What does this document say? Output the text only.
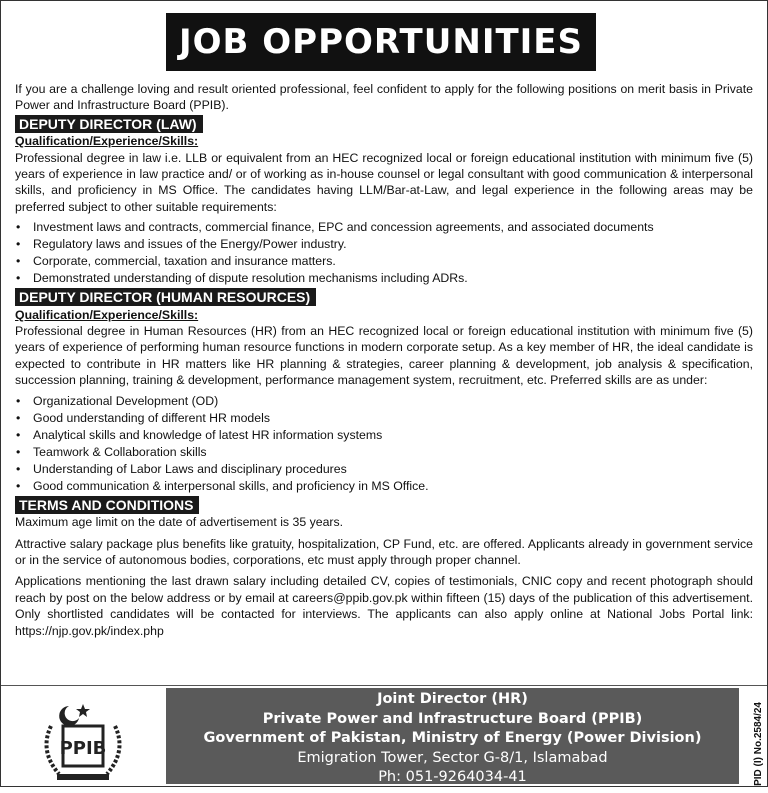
JOB OPPORTUNITIES

If you are a challenge loving and result oriented professional, feel confident to apply for the following positions on merit basis in Private Power and Infrastructure Board (PPIB).

DEPUTY DIRECTOR (LAW)
Qualification/Experience/Skills:

Professional degree in law i.e. LLB or equivalent from an HEC recognized local or foreign educational institution with minimum five (5) years of experience in law practice and/ or of working as in-house counsel or legal consultant with good communication & interpersonal skills, and proficiency in MS Office. The candidates having LLM/Bar-at-Law, and legal experience in the following areas may be preferred subject to other suitable requirements:

• Investment laws and contracts, commercial finance, EPC and concession agreements, and associated documents
• Regulatory laws and issues of the Energy/Power industry.
• Corporate, commercial, taxation and insurance matters.
• Demonstrated understanding of dispute resolution mechanisms including ADRs.
DEPUTY DIRECTOR (HUMAN RESOURCES)
Qualification/Experience/Skills:

Professional degree in Human Resources (HR) from an HEC recognized local or foreign educational institution with minimum five (5) years of experience of performing human resource functions in modern corporate setup. As a key member of HR, the ideal candidate is expected to contribute in HR matters like HR planning & strategies, career planning & development, job analysis & specification, succession planning, training & development, performance management system, recruitment, etc. Preferred skills are as under:

• Organizational Development (OD)
• Good understanding of different HR models
• Analytical skills and knowledge of latest HR information systems
• Teamwork & Collaboration skills
• Understanding of Labor Laws and disciplinary procedures
• Good communication & interpersonal skills, and proficiency in MS Office.
TERMS AND CONDITIONS

Maximum age limit on the date of advertisement is 35 years.

Attractive salary package plus benefits like gratuity, hospitalization, CP Fund, etc. are offered. Applicants already in government service or in the service of autonomous bodies, corporations, etc must apply through proper channel.

Applications mentioning the last drawn salary including detailed CV, copies of testimonials, CNIC copy and recent photograph should reach by post on the below address or by email at careers@ppib.gov.pk within fifteen (15) days of the publication of this advertisement. Only shortlisted candidates will be contacted for interviews. The applicants can also apply online at National Jobs Portal link: https://njp.gov.pk/index.php

PPIB
Joint Director (HR)
Private Power and Infrastructure Board (PPIB)
Government of Pakistan, Ministry of Energy (Power Division)
Emigration Tower, Sector G-8/1, Islamabad
Ph: 051-9264034-41	PID (I) No.2584/24
